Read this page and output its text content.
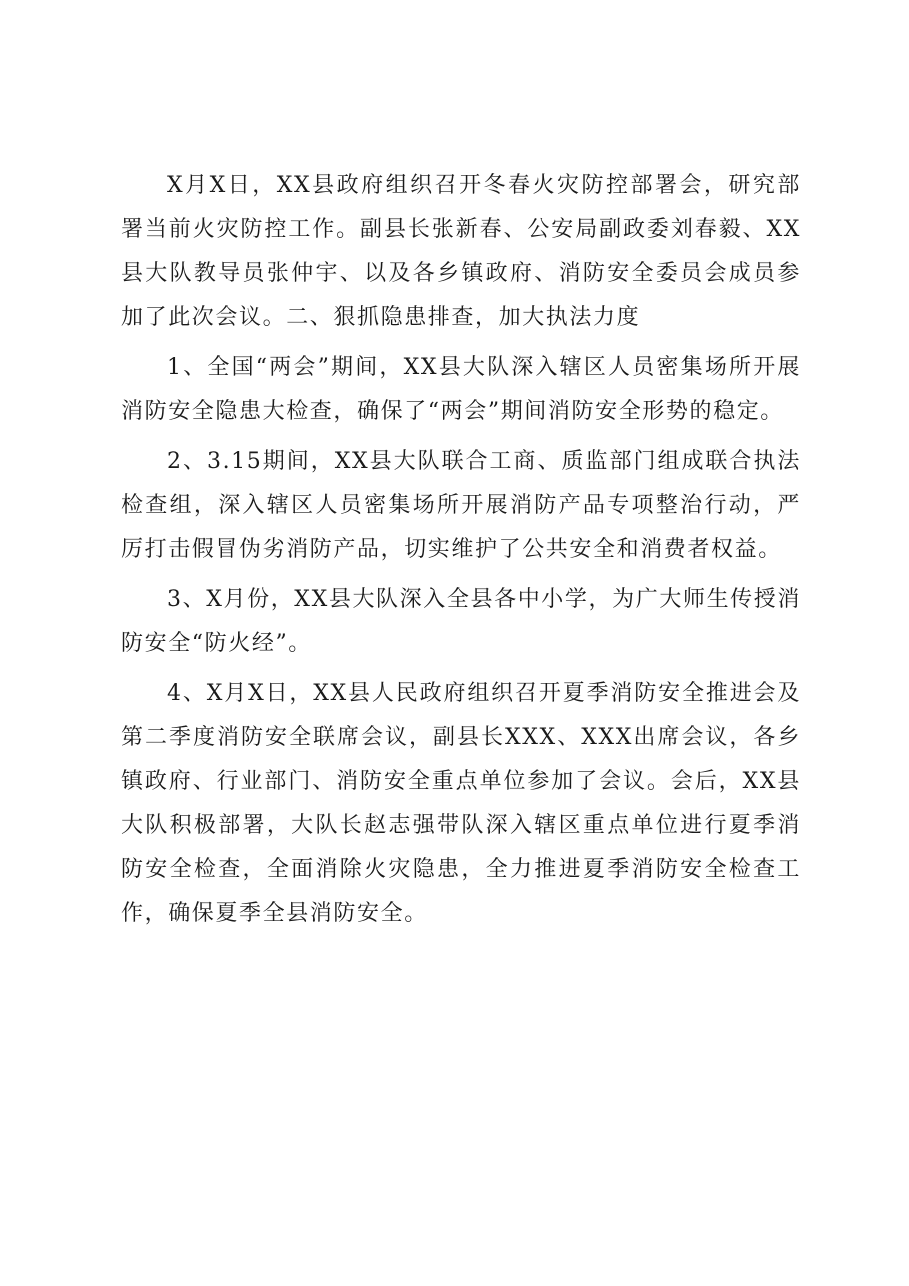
X月X日，XX县政府组织召开冬春火灾防控部署会，研究部署当前火灾防控工作。副县长张新春、公安局副政委刘春毅、XX县大队教导员张仲宇、以及各乡镇政府、消防安全委员会成员参加了此次会议。二、狠抓隐患排查，加大执法力度

1、全国“两会”期间，XX县大队深入辖区人员密集场所开展消防安全隐患大检查，确保了“两会”期间消防安全形势的稳定。

2、3.15期间，XX县大队联合工商、质监部门组成联合执法检查组，深入辖区人员密集场所开展消防产品专项整治行动，严厉打击假冒伪劣消防产品，切实维护了公共安全和消费者权益。

3、X月份，XX县大队深入全县各中小学，为广大师生传授消防安全“防火经”。

4、X月X日，XX县人民政府组织召开夏季消防安全推进会及第二季度消防安全联席会议，副县长XXX、XXX出席会议，各乡镇政府、行业部门、消防安全重点单位参加了会议。会后，XX县大队积极部署，大队长赵志强带队深入辖区重点单位进行夏季消防安全检查，全面消除火灾隐患，全力推进夏季消防安全检查工作，确保夏季全县消防安全。
